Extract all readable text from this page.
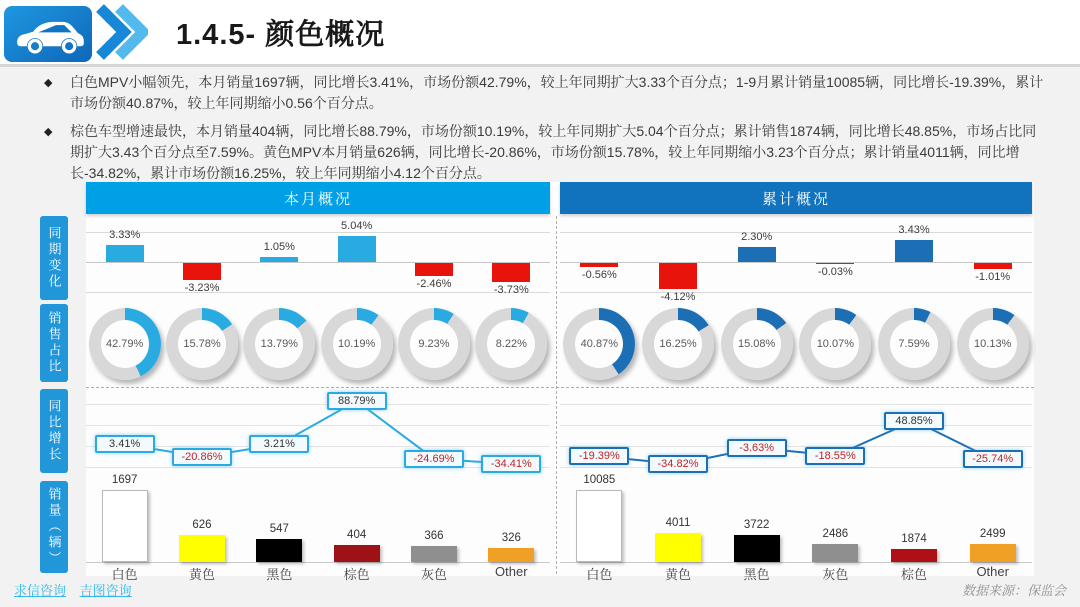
1.4.5- 颜色概况
◆	白色MPV小幅领先，本月销量1697辆，同比增长3.41%，市场份额42.79%，较上年同期扩大3.33个百分点；1-9月累计销量10085辆，同比增长-19.39%，累计市场份额40.87%，较上年同期缩小0.56个百分点。
◆	棕色车型增速最快，本月销量404辆，同比增长88.79%，市场份额10.19%，较上年同期扩大5.04个百分点；累计销售1874辆，同比增长48.85%，市场占比同期扩大3.43个百分点至7.59%。黄色MPV本月销量626辆，同比增长-20.86%，市场份额15.78%，较上年同期缩小3.23个百分点；累计销量4011辆，同比增长-34.82%，累计市场份额16.25%，较上年同期缩小4.12个百分点。
同期变化
销售占比
同比增长
销量（辆）
本月概况
3.33%
-3.23%
1.05%
5.04%
-2.46%
-3.73%
42.79%	15.78%	13.79%	10.19%	9.23%	8.22%
3.41%
-20.86%
3.21%
88.79%
-24.69%	-34.41%
1697
白色
626
黄色
547
黑色
404
棕色
366
灰色
326
Other
累计概况
-0.56%
-4.12%
2.30%
-0.03%
3.43%
-1.01%
40.87%	16.25%	15.08%	10.07%	7.59%	10.13%
-19.39%
-34.82%
-3.63%
-18.55%
48.85%
-25.74%
10085
白色
4011
黄色
3722
黑色
2486
灰色
1874
棕色
2499
Other
求信咨询 吉图咨询	数据来源：保监会
